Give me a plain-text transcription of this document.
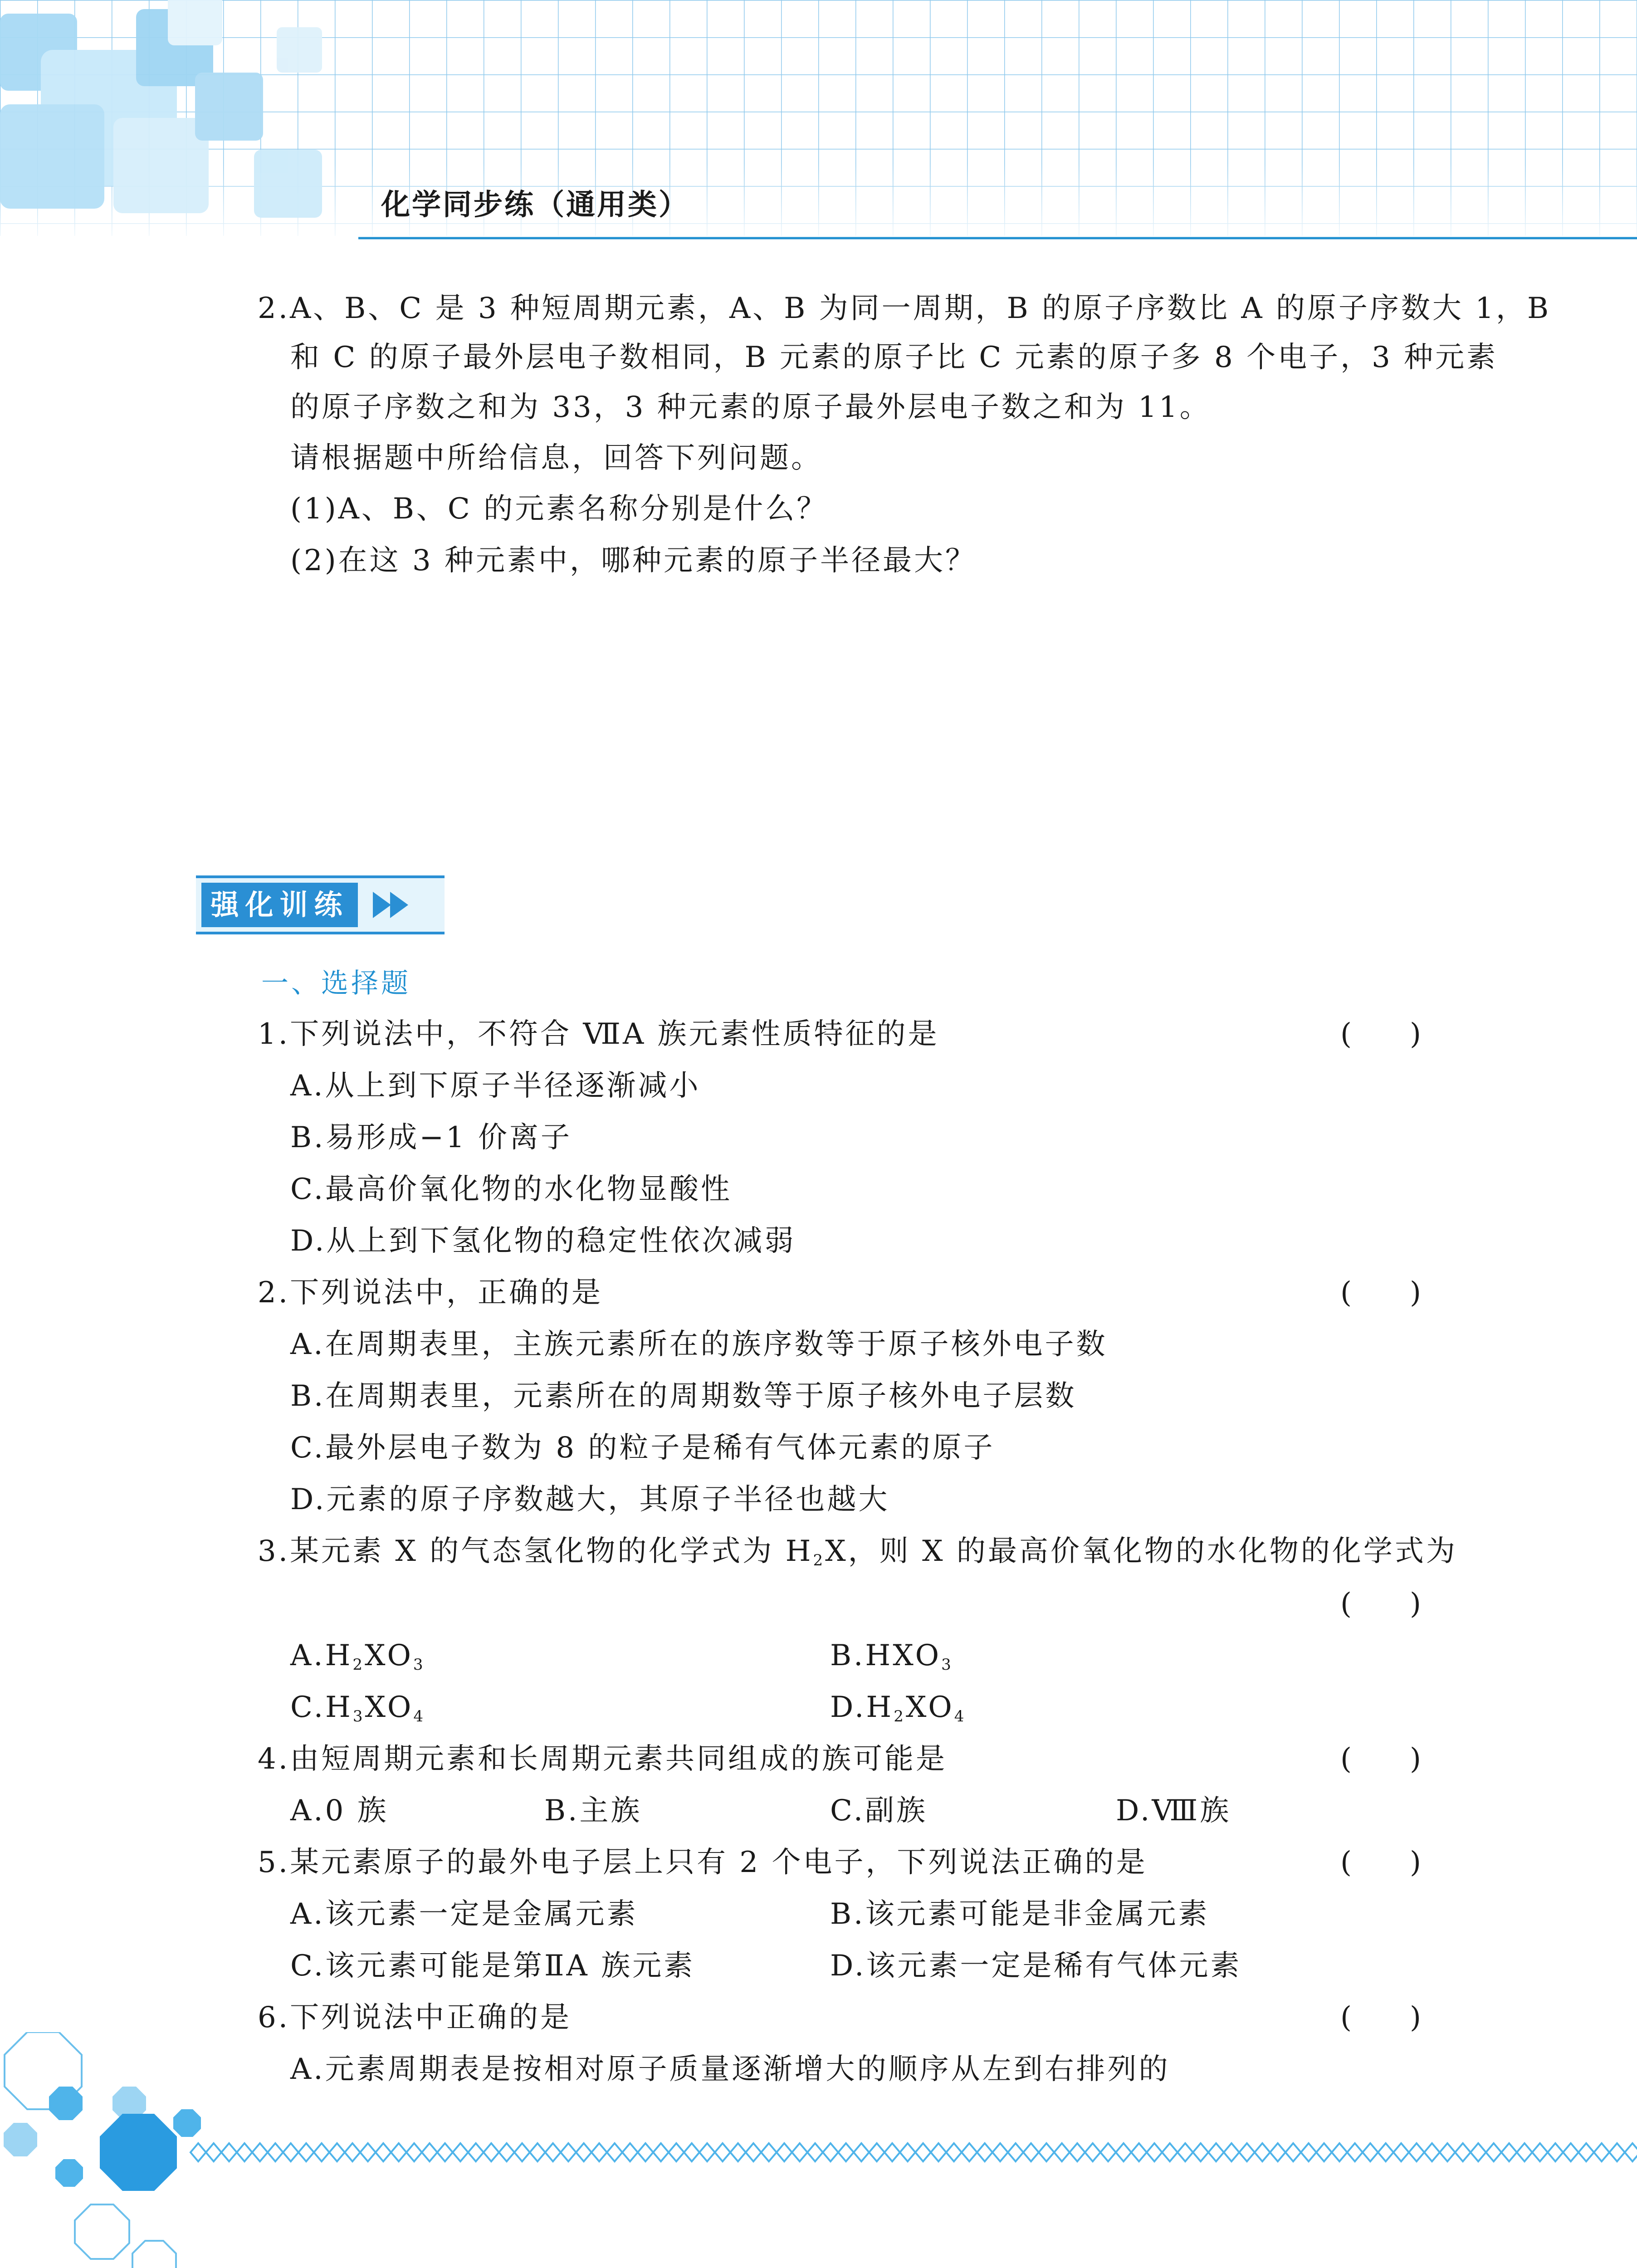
化学同步练（通用类）
2.A、B、C 是 3 种短周期元素，A、B 为同一周期，B 的原子序数比 A 的原子序数大 1，B
和 C 的原子最外层电子数相同，B 元素的原子比 C 元素的原子多 8 个电子，3 种元素
的原子序数之和为 33，3 种元素的原子最外层电子数之和为 11。
请根据题中所给信息，回答下列问题。
(1)A、B、C 的元素名称分别是什么？
(2)在这 3 种元素中，哪种元素的原子半径最大？
强化训练
一、选择题
1.下列说法中，不符合 ⅦA 族元素性质特征的是	(　　)
A.从上到下原子半径逐渐减小
B.易形成−1 价离子
C.最高价氧化物的水化物显酸性
D.从上到下氢化物的稳定性依次减弱
2.下列说法中，正确的是	(　　)
A.在周期表里，主族元素所在的族序数等于原子核外电子数
B.在周期表里，元素所在的周期数等于原子核外电子层数
C.最外层电子数为 8 的粒子是稀有气体元素的原子
D.元素的原子序数越大，其原子半径也越大
3.某元素 X 的气态氢化物的化学式为 $H_2X$，则 X 的最高价氧化物的水化物的化学式为
(　　)
$A.H_2XO_3$	$B.HXO_3$
$C.H_3XO_4$	$D.H_2XO_4$
4.由短周期元素和长周期元素共同组成的族可能是	(　　)
A.0 族	B.主族	C.副族	D.Ⅷ族
5.某元素原子的最外电子层上只有 2 个电子，下列说法正确的是	(　　)
A.该元素一定是金属元素	B.该元素可能是非金属元素
C.该元素可能是第ⅡA 族元素	D.该元素一定是稀有气体元素
6.下列说法中正确的是	(　　)
A.元素周期表是按相对原子质量逐渐增大的顺序从左到右排列的
